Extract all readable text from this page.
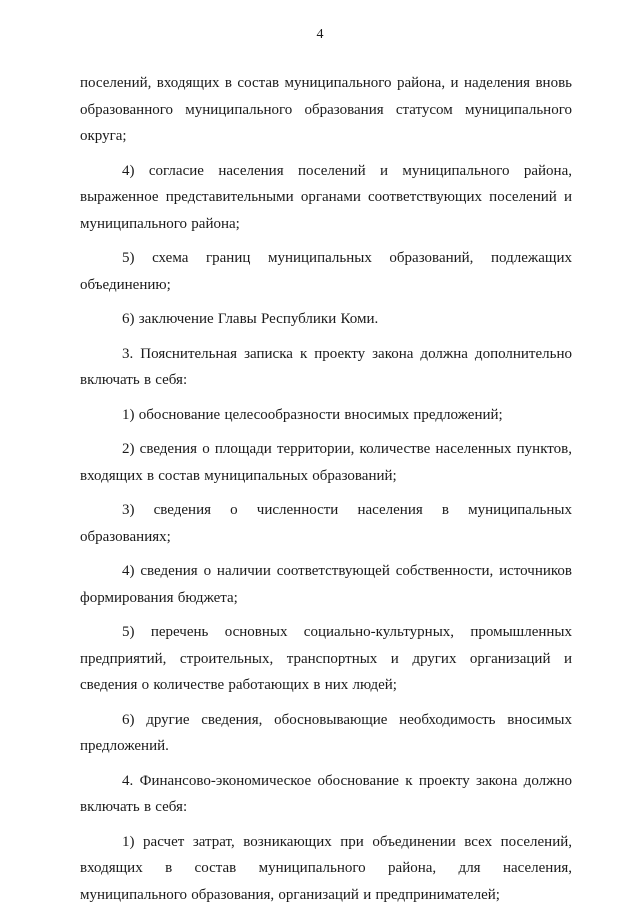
4

поселений, входящих в состав муниципального района, и наделения вновь образованного муниципального образования статусом муниципального округа;

4) согласие населения поселений и муниципального района, выраженное представительными органами соответствующих поселений и муниципального района;

5) схема границ муниципальных образований, подлежащих объединению;

6) заключение Главы Республики Коми.

3. Пояснительная записка к проекту закона должна дополнительно включать в себя:

1) обоснование целесообразности вносимых предложений;

2) сведения о площади территории, количестве населенных пунктов, входящих в состав муниципальных образований;

3) сведения о численности населения в муниципальных образованиях;

4) сведения о наличии соответствующей собственности, источников формирования бюджета;

5) перечень основных социально-культурных, промышленных предприятий, строительных, транспортных и других организаций и сведения о количестве работающих в них людей;

6) другие сведения, обосновывающие необходимость вносимых предложений.

4. Финансово-экономическое обоснование к проекту закона должно включать в себя:

1) расчет затрат, возникающих при объединении всех поселений, входящих в состав муниципального района, для населения, муниципального образования, организаций и предпринимателей;
